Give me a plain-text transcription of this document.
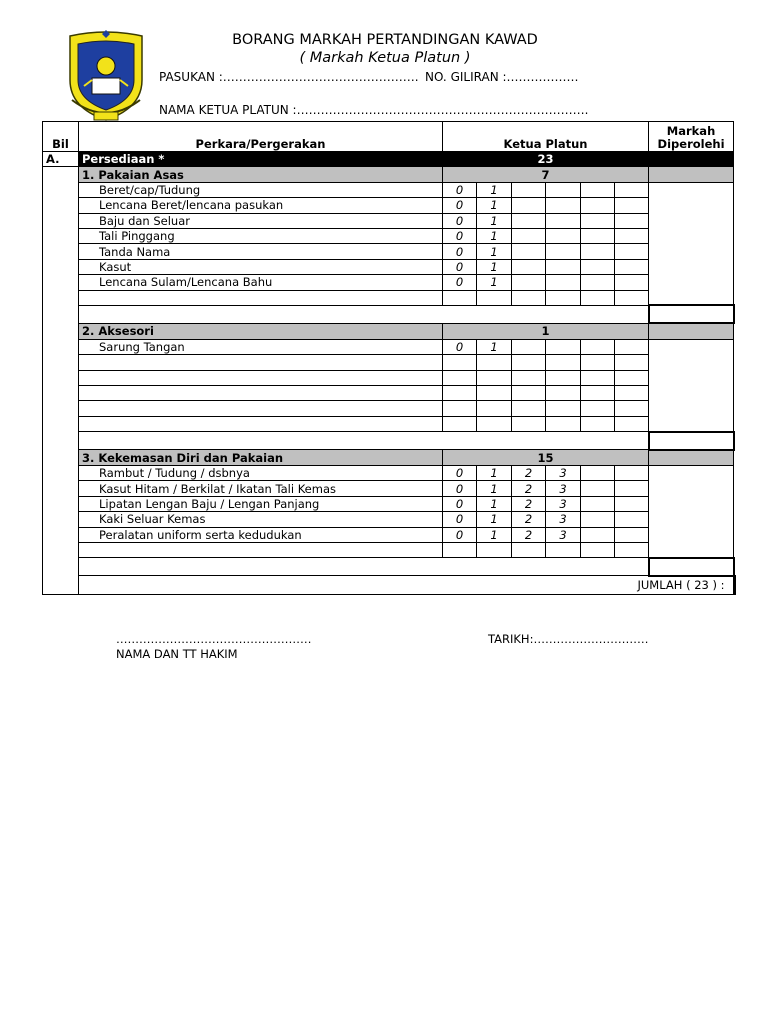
BORANG MARKAH PERTANDINGAN KAWAD
( Markah Ketua Platun )
PASUKAN :…………………………………………. NO. GILIRAN :………………
NAMA KETUA PLATUN :……………………………………………………………….
Bil	Perkara/Pergerakan	Ketua Platun						Markah
Diperolehi	
A.	Persediaan *	23							
	1. Pakaian Asas	7							
	Beret/cap/Tudung	0	1						
	Lencana Beret/lencana pasukan	0	1						
	Baju dan Seluar	0	1						
	Tali Pinggang	0	1						
	Tanda Nama	0	1						
	Kasut	0	1						
	Lencana Sulam/Lencana Bahu	0	1						

	2. Aksesori	1							
	Sarung Tangan	0	1						

	3. Kekemasan Diri dan Pakaian	15							
	Rambut / Tudung / dsbnya	0	1	2	3				
	Kasut Hitam / Berkilat / Ikatan Tali Kemas	0	1	2	3				
	Lipatan Lengan Baju / Lengan Panjang	0	1	2	3				
	Kaki Seluar Kemas	0	1	2	3				
	Peralatan uniform serta kedudukan	0	1	2	3				

	JUMLAH ( 23 ) :								
……………………………………………
NAMA DAN TT HAKIM
TARIKH:…………………………
